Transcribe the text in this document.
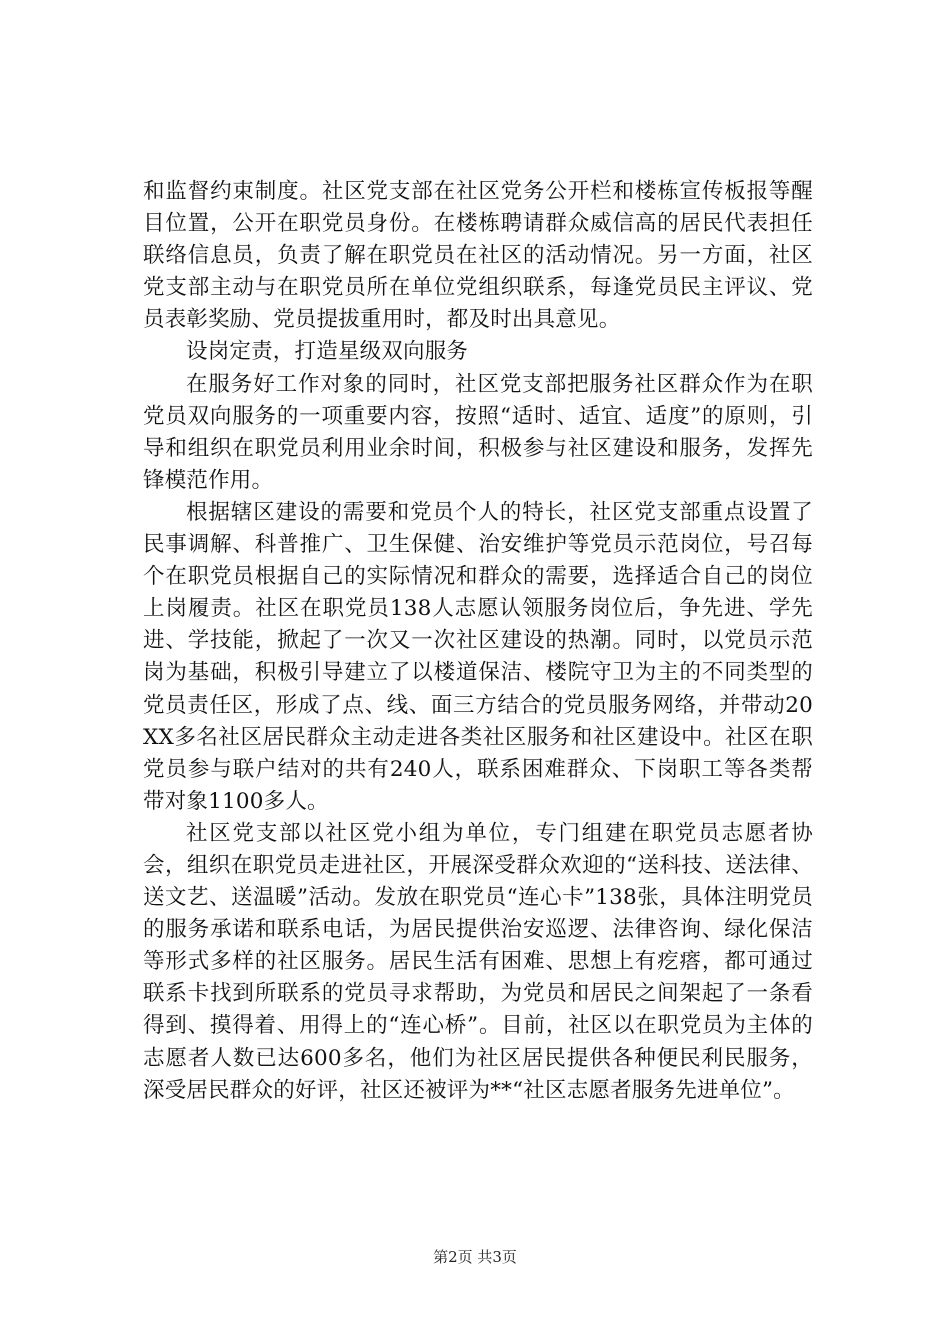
和监督约束制度。社区党支部在社区党务公开栏和楼栋宣传板报等醒目位置，公开在职党员身份。在楼栋聘请群众威信高的居民代表担任联络信息员，负责了解在职党员在社区的活动情况。另一方面，社区党支部主动与在职党员所在单位党组织联系，每逢党员民主评议、党员表彰奖励、党员提拔重用时，都及时出具意见。

设岗定责，打造星级双向服务

在服务好工作对象的同时，社区党支部把服务社区群众作为在职党员双向服务的一项重要内容，按照“适时、适宜、适度”的原则，引导和组织在职党员利用业余时间，积极参与社区建设和服务，发挥先锋模范作用。

根据辖区建设的需要和党员个人的特长，社区党支部重点设置了民事调解、科普推广、卫生保健、治安维护等党员示范岗位，号召每个在职党员根据自己的实际情况和群众的需要，选择适合自己的岗位上岗履责。社区在职党员138人志愿认领服务岗位后，争先进、学先进、学技能，掀起了一次又一次社区建设的热潮。同时，以党员示范岗为基础，积极引导建立了以楼道保洁、楼院守卫为主的不同类型的党员责任区，形成了点、线、面三方结合的党员服务网络，并带动20XX多名社区居民群众主动走进各类社区服务和社区建设中。社区在职党员参与联户结对的共有240人，联系困难群众、下岗职工等各类帮带对象1100多人。

社区党支部以社区党小组为单位，专门组建在职党员志愿者协会，组织在职党员走进社区，开展深受群众欢迎的“送科技、送法律、送文艺、送温暖”活动。发放在职党员“连心卡”138张，具体注明党员的服务承诺和联系电话，为居民提供治安巡逻、法律咨询、绿化保洁等形式多样的社区服务。居民生活有困难、思想上有疙瘩，都可通过联系卡找到所联系的党员寻求帮助，为党员和居民之间架起了一条看得到、摸得着、用得上的“连心桥”。目前，社区以在职党员为主体的志愿者人数已达600多名，他们为社区居民提供各种便民利民服务，深受居民群众的好评，社区还被评为**“社区志愿者服务先进单位”。

第2页 共3页
